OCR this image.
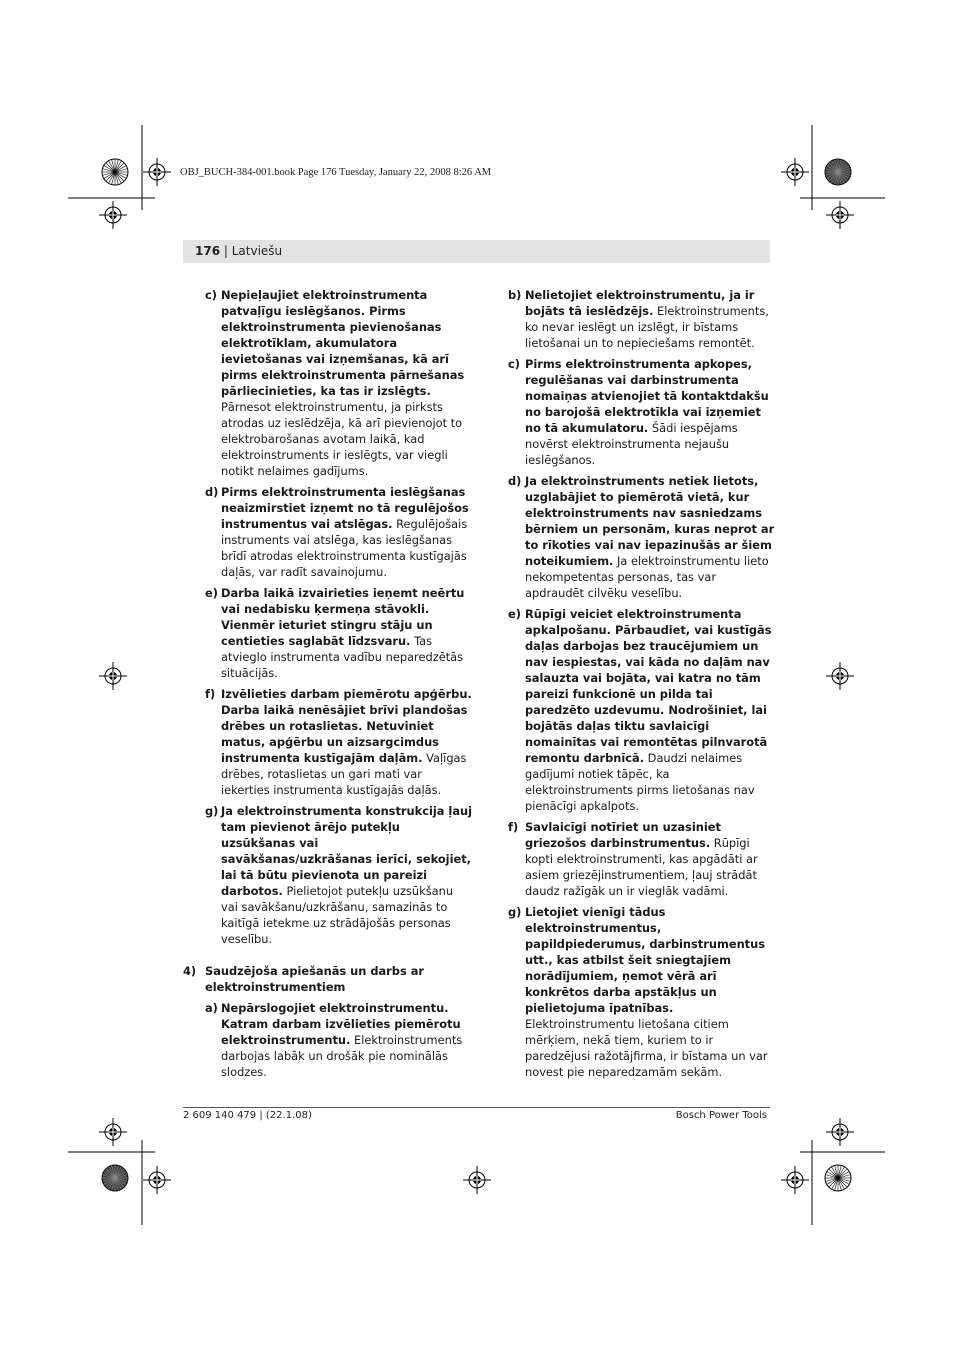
OBJ_BUCH-384-001.book Page 176 Tuesday, January 22, 2008 8:26 AM
176 | Latviešu
c) Nepieļaujiet elektroinstrumenta patvaļīgu ieslēgšanos. Pirms elektroinstrumenta pievienošanas elektrotīklam, akumulatora ievietošanas vai izņemšanas, kā arī pirms elektroinstrumenta pārnešanas pārliecinieties, ka tas ir izslēgts. Pārnesot elektroinstrumentu, ja pirksts atrodas uz ieslēdzēja, kā arī pievienojot to elektrobarošanas avotam laikā, kad elektroinstruments ir ieslēgts, var viegli notikt nelaimes gadījums.
d) Pirms elektroinstrumenta ieslēgšanas neaizmirstiet izņemt no tā regulējošos instrumentus vai atslēgas. Regulējošais instruments vai atslēga, kas ieslēgšanas brīdī atrodas elektroinstrumenta kustīgajās daļās, var radīt savainojumu.
e) Darba laikā izvairieties ieņemt neērtu vai nedabisku ķermeņa stāvokli. Vienmēr ieturiet stingru stāju un centieties saglabāt līdzsvaru. Tas atvieglo instrumenta vadību neparedzētās situācijās.
f) Izvēlieties darbam piemērotu apģērbu. Darba laikā nenēsājiet brīvi plandošas drēbes un rotaslietas. Netuviniet matus, apģērbu un aizsargcimdus instrumenta kustīgajām daļām. Vaļīgas drēbes, rotaslietas un gari mati var iekerties instrumenta kustīgajās daļās.
g) Ja elektroinstrumenta konstrukcija ļauj tam pievienot ārējo putekļu uzsūkšanas vai savākšanas/uzkrāšanas ierīci, sekojiet, lai tā būtu pievienota un pareizi darbotos. Pielietojot putekļu uzsūkšanu vai savākšanu/uzkrāšanu, samazinās to kaitīgā ietekme uz strādājošās personas veselību.
4) Saudzējoša apiešanās un darbs ar elektroinstrumentiem
a) Nepārslogojiet elektroinstrumentu. Katram darbam izvēlieties piemērotu elektroinstrumentu. Elektroinstruments darbojas labāk un drošāk pie nominālās slodzes.
b) Nelietojiet elektroinstrumentu, ja ir bojāts tā ieslēdzējs. Elektroinstruments, ko nevar ieslēgt un izslēgt, ir bīstams lietošanai un to nepieciešams remontēt.
c) Pirms elektroinstrumenta apkopes, regulēšanas vai darbinstrumenta nomaiņas atvienojiet tā kontaktdakšu no barojošā elektrotīkla vai izņemiet no tā akumulatoru. Šādi iespējams novērst elektroinstrumenta nejaušu ieslēgšanos.
d) Ja elektroinstruments netiek lietots, uzglabājiet to piemērotā vietā, kur elektroinstruments nav sasniedzams bērniem un personām, kuras neprot ar to rīkoties vai nav iepazinušās ar šiem noteikumiem. Ja elektroinstrumentu lieto nekompetentas personas, tas var apdraudēt cilvēku veselību.
e) Rūpīgi veiciet elektroinstrumenta apkalpošanu. Pārbaudiet, vai kustīgās daļas darbojas bez traucējumiem un nav iespiestas, vai kāda no daļām nav salauzta vai bojāta, vai katra no tām pareizi funkcionē un pilda tai paredzēto uzdevumu. Nodrošiniet, lai bojātās daļas tiktu savlaicīgi nomainītas vai remontētas pilnvarotā remontu darbnīcā. Daudzi nelaimes gadījumi notiek tāpēc, ka elektroinstruments pirms lietošanas nav pienācīgi apkalpots.
f) Savlaicīgi notīriet un uzasiniet griezošos darbinstrumentus. Rūpīgi kopti elektroinstrumenti, kas apgādāti ar asiem griezējinstrumentiem, ļauj strādāt daudz ražīgāk un ir vieglāk vadāmi.
g) Lietojiet vienīgi tādus elektroinstrumentus, papildpiederumus, darbinstrumentus utt., kas atbilst šeit sniegtajiem norādījumiem, ņemot vērā arī konkrētos darba apstākļus un pielietojuma īpatnības. Elektroinstrumentu lietošana citiem mērķiem, nekā tiem, kuriem to ir paredzējusi ražotājfirma, ir bīstama un var novest pie neparedzamām sekām.
2 609 140 479 | (22.1.08)	Bosch Power Tools
